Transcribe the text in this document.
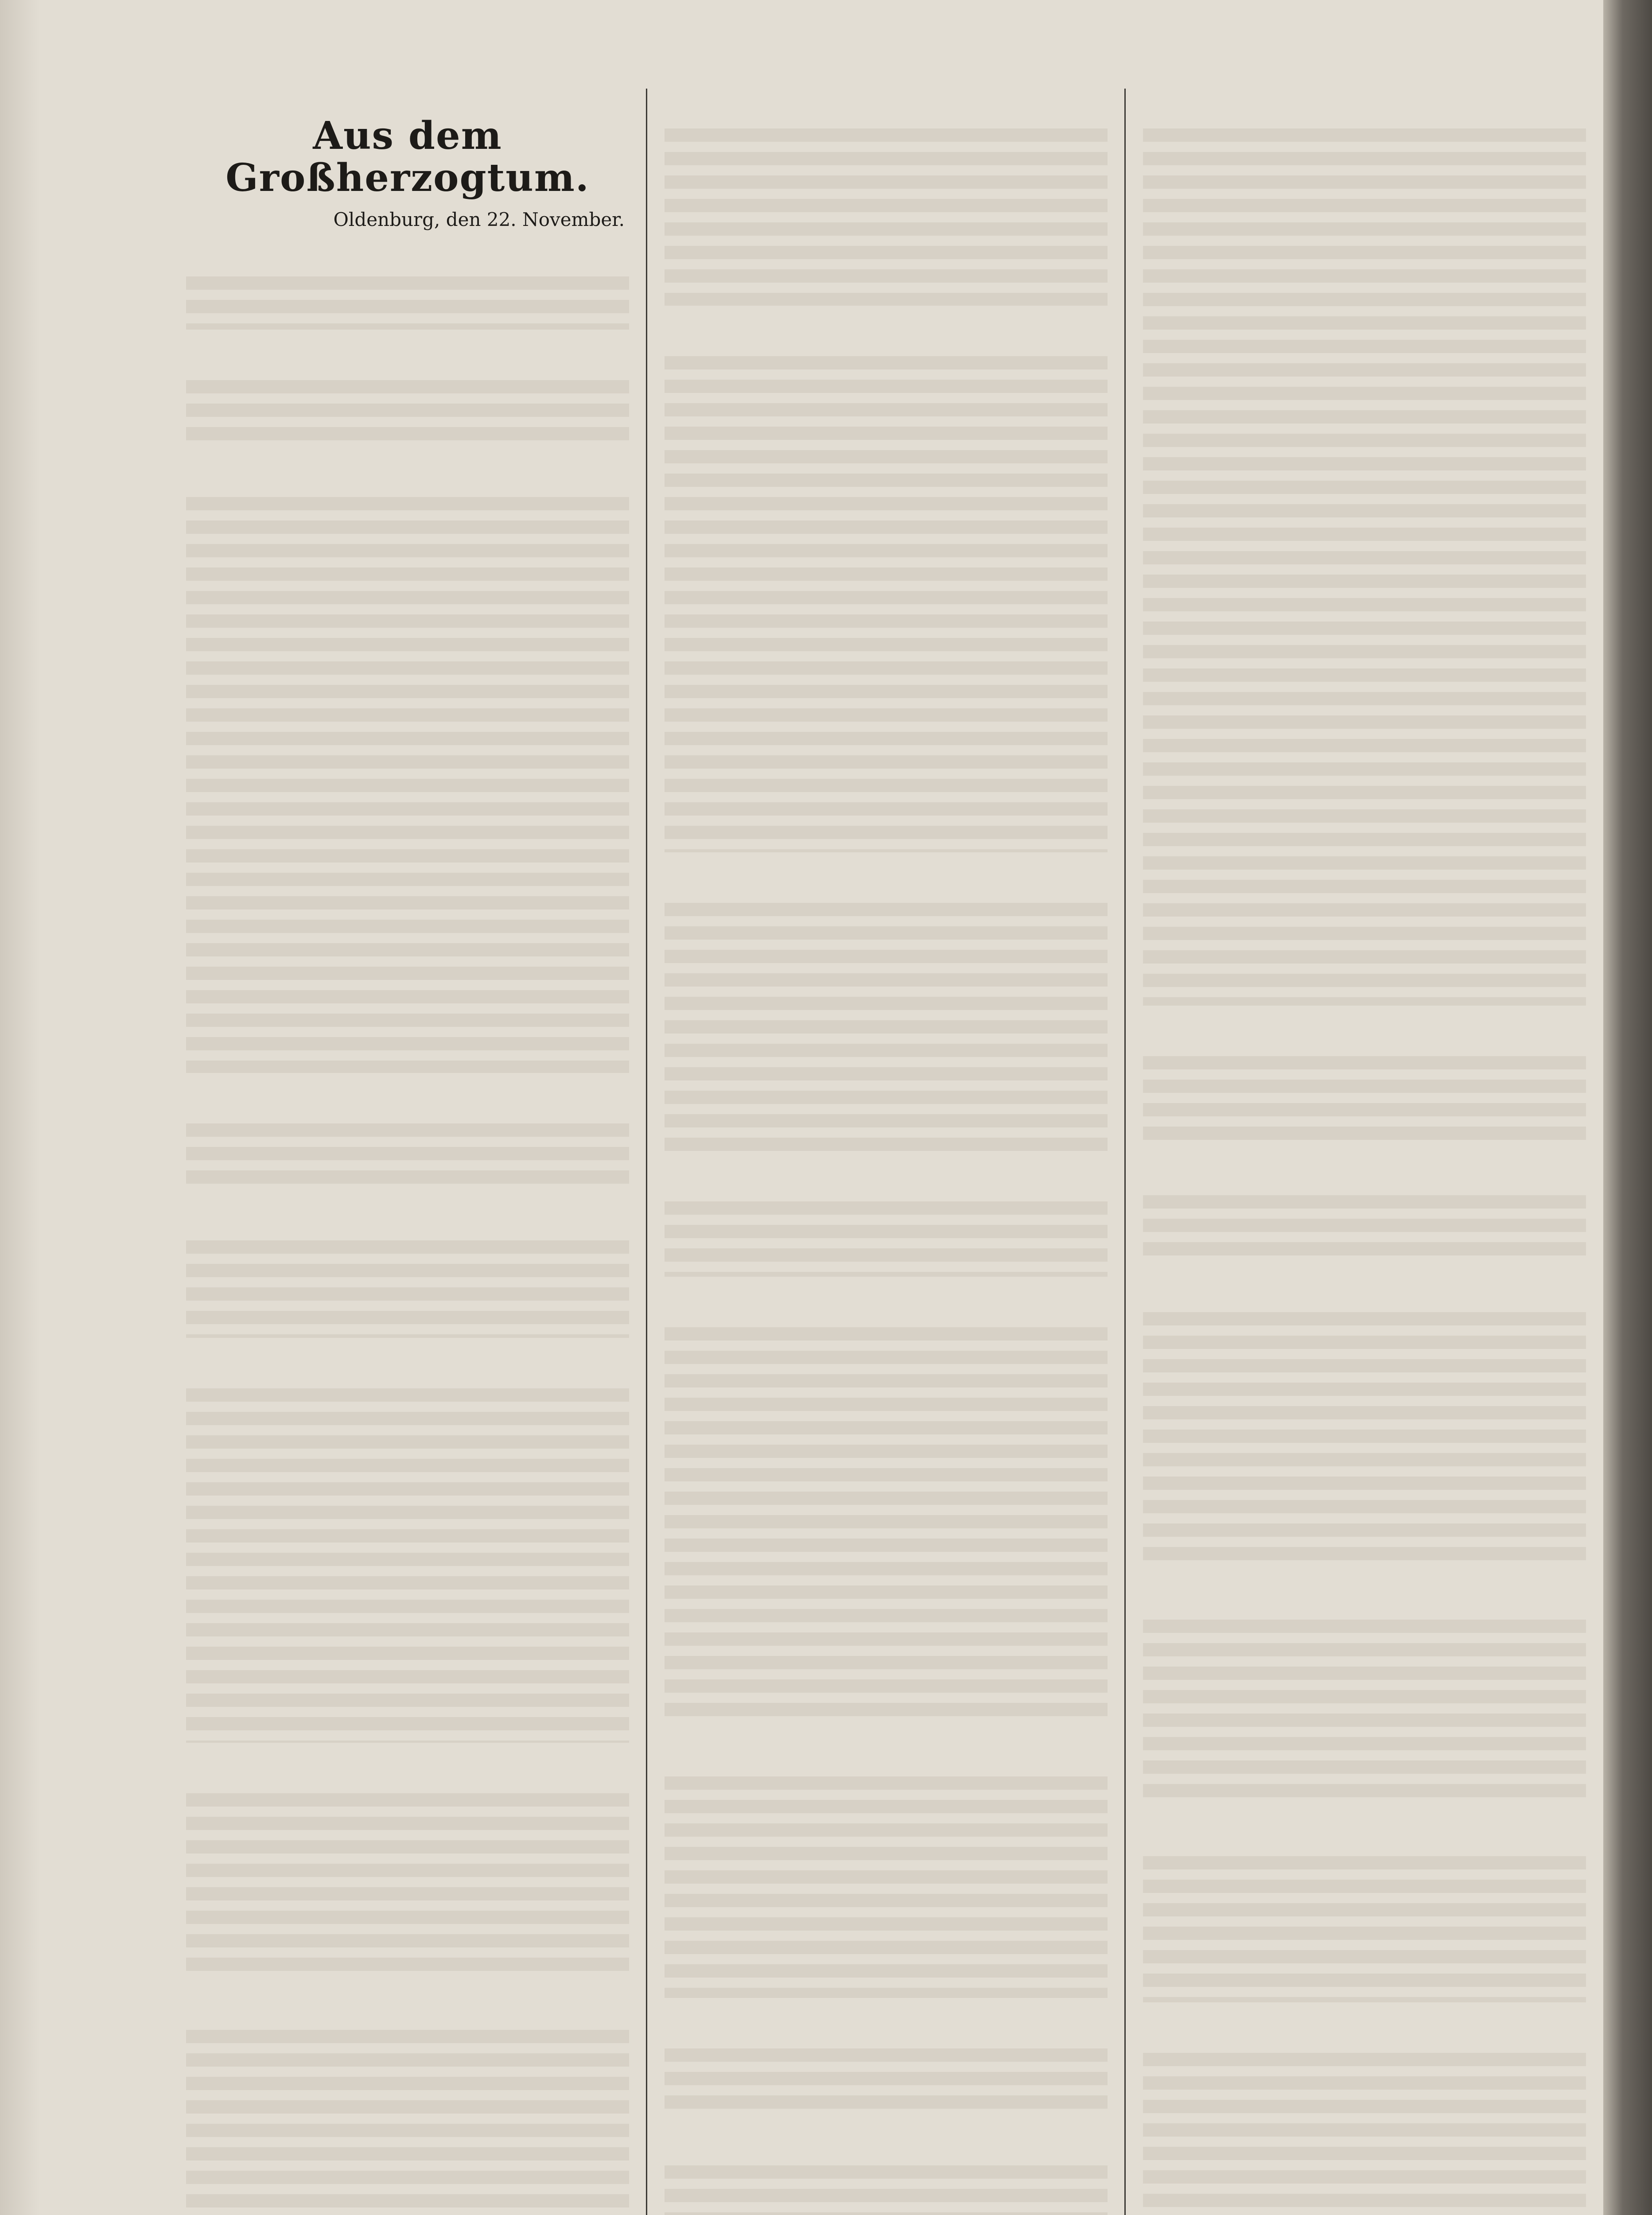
Aus dem Großherzogtum.
Oldenburg, den 22. November.
